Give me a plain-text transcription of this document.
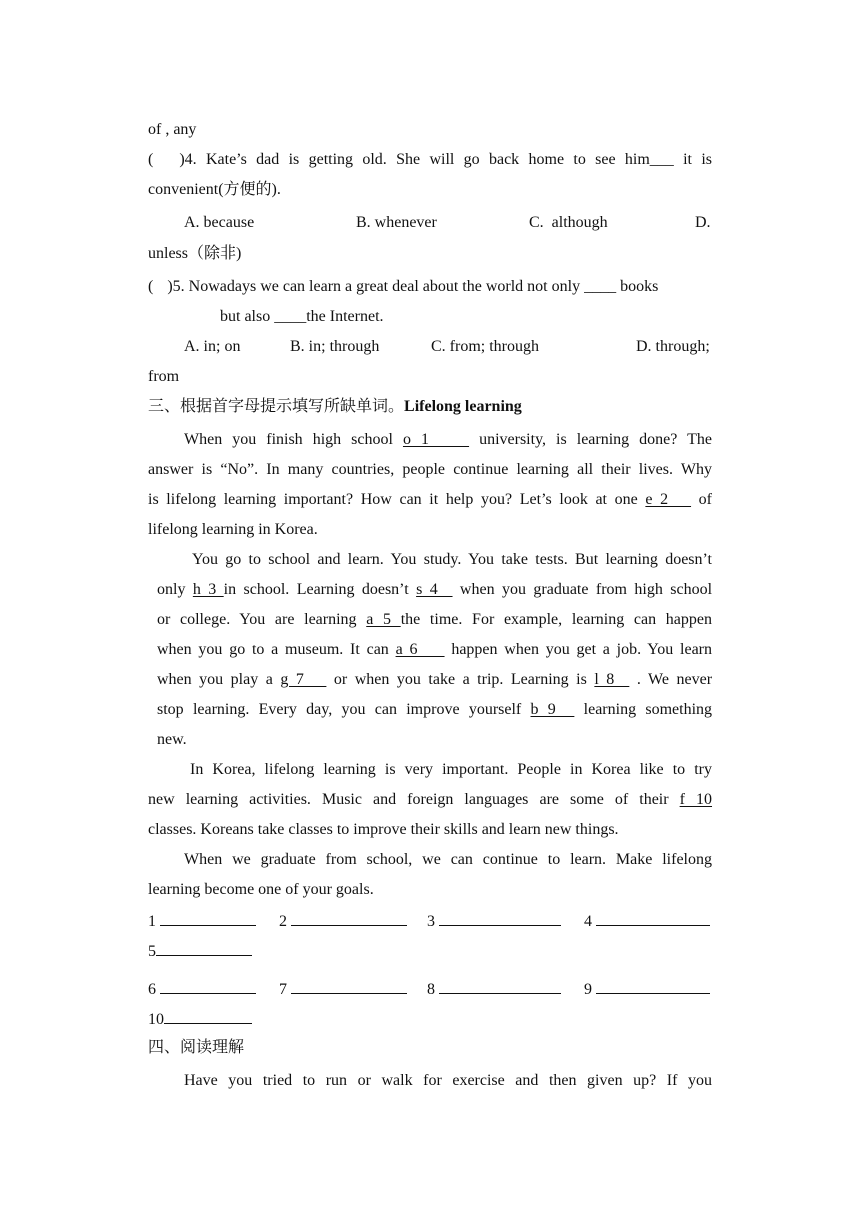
of , any
( )4. Kate’s dad is getting old. She will go back home to see him___ it is
convenient(方便的).
A. because	B. whenever	C.  although	D.
unless（除非)
( )5. Nowadays we can learn a great deal about the world not only ____ books
but also ____the Internet.
A. in; on	B. in; through	C. from; through	D. through;
from
三、根据首字母提示填写所缺单词。Lifelong learning
When you finish high school o 1     university, is learning done? The
answer is “No”. In many countries, people continue learning all their lives. Why
is lifelong learning important? How can it help you? Let’s look at one e 2    of
lifelong learning in Korea.
You go to school and learn. You study. You take tests. But learning doesn’t
only h 3 in school. Learning doesn’t s 4   when you graduate from high school
or college. You are learning a 5 the time. For example, learning can happen
when you go to a museum. It can a 6     happen when you get a job. You learn
when you play a g 7    or when you take a trip. Learning is l 8   . We never
stop learning. Every day, you can improve yourself b 9   learning something
new.
In Korea, lifelong learning is very important. People in Korea like to try
new learning activities. Music and foreign languages are some of their f 10
classes. Koreans take classes to improve their skills and learn new things.
When we graduate from school, we can continue to learn. Make lifelong
learning become one of your goals.
1	2	3	4
5
6	7	8	9
10
四、阅读理解
Have you tried to run or walk for exercise and then given up? If you
